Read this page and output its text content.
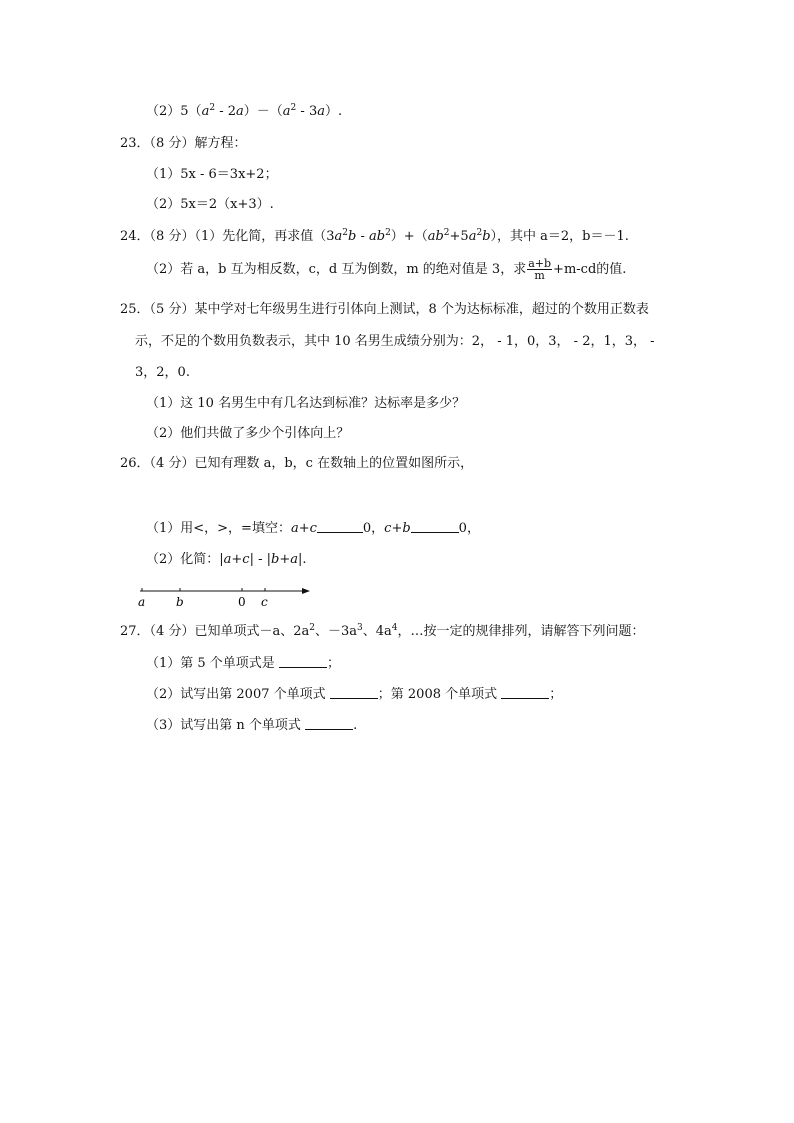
$(2)5(a^2 - 2a)-(a^2 - 3a)$.
23．（8 分）解方程：
（1）5x - 6＝3x+2；
（2）5x＝2（x+3）.
24．（8 分）（1）先化简，再求值$(3a^2b - ab^2)+(ab^2+5a^2b)$，其中 a＝2，b＝－1.
（2）若 a，b 互为相反数，c，d 互为倒数，m 的绝对值是 3，求 $\frac{a+b}{m} +m-cd$的值.
25．（5 分）某中学对七年级男生进行引体向上测试，8 个为达标标准，超过的个数用正数表
示，不足的个数用负数表示，其中 10 名男生成绩分别为：2， - 1，0，3， - 2，1，3， -
3，2，0.
（1）这 10 名男生中有几名达到标准？达标率是多少？
（2）他们共做了多少个引体向上？
26．（4 分）已知有理数 a，b，c 在数轴上的位置如图所示，
（1）用<，>，=填空：a+c	0，c+b	0，
（2）化简：|a+c| - |b+a|.
a	b	0 c
27．（4 分）已知单项式－a、$2a^2$、$-3a^3$、$4a^4$，…按一定的规律排列，请解答下列问题：
（1）第 5 个单项式是	；
（2）试写出第 2007 个单项式	；第 2008 个单项式	；
（3）试写出第 n 个单项式	.
